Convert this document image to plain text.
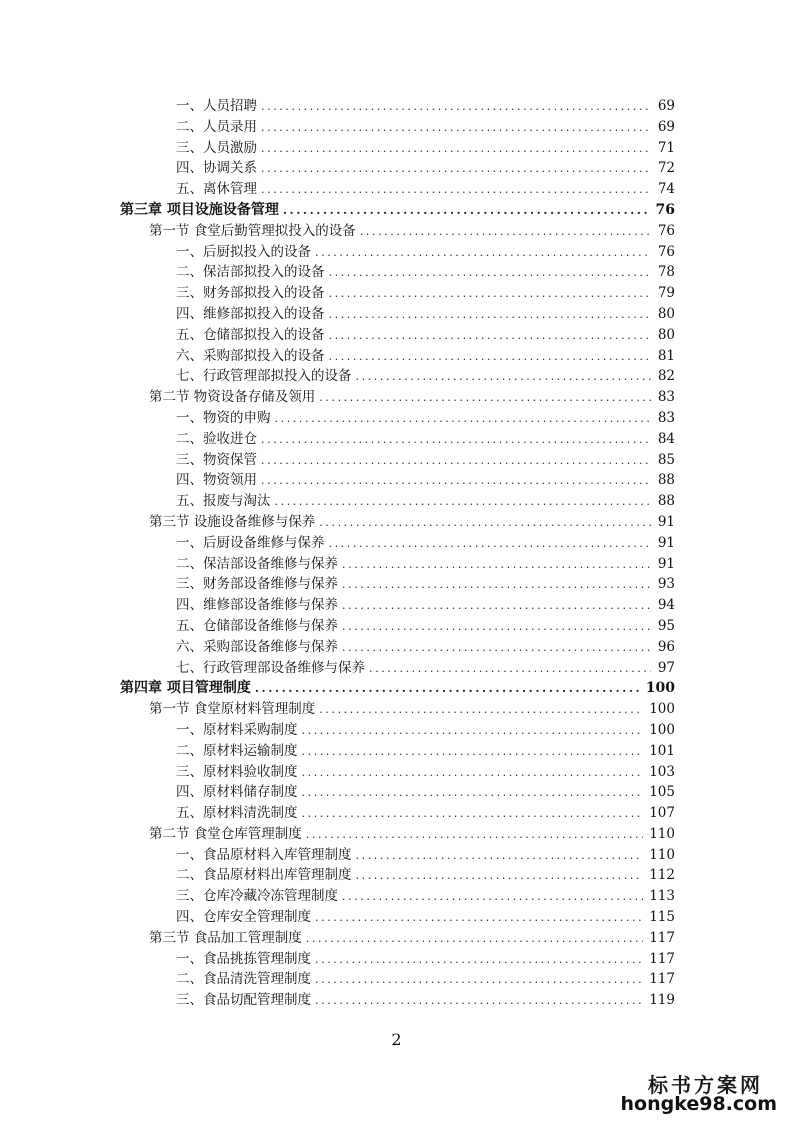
一、人员招聘 .....	69
二、人员录用 .....	69
三、人员激励 .....	71
四、协调关系 .....	72
五、离休管理 .....	74
第三章 项目设施设备管理 .....	76
第一节 食堂后勤管理拟投入的设备 .....	76
一、后厨拟投入的设备 .....	76
二、保洁部拟投入的设备 .....	78
三、财务部拟投入的设备 .....	79
四、维修部拟投入的设备 .....	80
五、仓储部拟投入的设备 .....	80
六、采购部拟投入的设备 .....	81
七、行政管理部拟投入的设备 .....	82
第二节 物资设备存储及领用 .....	83
一、物资的申购 .....	83
二、验收进仓 .....	84
三、物资保管 .....	85
四、物资领用 .....	88
五、报废与淘汰 .....	88
第三节 设施设备维修与保养 .....	91
一、后厨设备维修与保养 .....	91
二、保洁部设备维修与保养 .....	91
三、财务部设备维修与保养 .....	93
四、维修部设备维修与保养 .....	94
五、仓储部设备维修与保养 .....	95
六、采购部设备维修与保养 .....	96
七、行政管理部设备维修与保养 .....	97
第四章 项目管理制度 .....	100
第一节 食堂原材料管理制度 .....	100
一、原材料采购制度 .....	100
二、原材料运输制度 .....	101
三、原材料验收制度 .....	103
四、原材料储存制度 .....	105
五、原材料清洗制度 .....	107
第二节 食堂仓库管理制度 .....	110
一、食品原材料入库管理制度 .....	110
二、食品原材料出库管理制度 .....	112
三、仓库冷藏冷冻管理制度 .....	113
四、仓库安全管理制度 .....	115
第三节 食品加工管理制度 .....	117
一、食品挑拣管理制度 .....	117
二、食品清洗管理制度 .....	117
三、食品切配管理制度 .....	119
2
标书方案网
hongke98.com
